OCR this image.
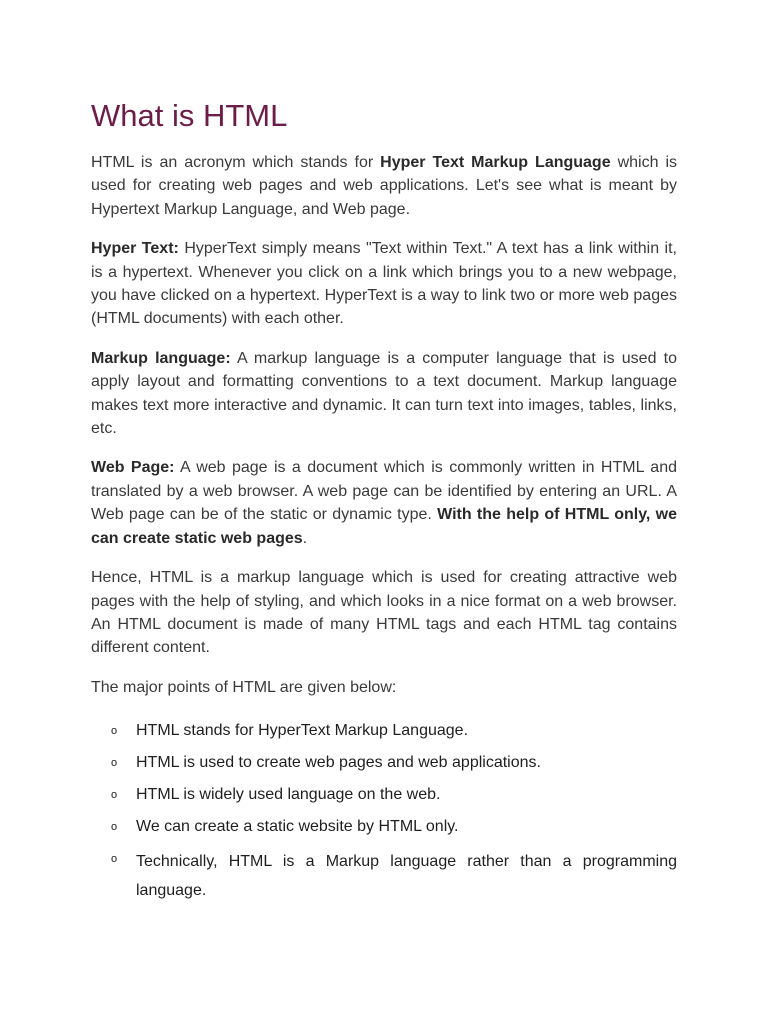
What is HTML

HTML is an acronym which stands for Hyper Text Markup Language which is used for creating web pages and web applications. Let's see what is meant by Hypertext Markup Language, and Web page.

Hyper Text: HyperText simply means "Text within Text." A text has a link within it, is a hypertext. Whenever you click on a link which brings you to a new webpage, you have clicked on a hypertext. HyperText is a way to link two or more web pages (HTML documents) with each other.

Markup language: A markup language is a computer language that is used to apply layout and formatting conventions to a text document. Markup language makes text more interactive and dynamic. It can turn text into images, tables, links, etc.

Web Page: A web page is a document which is commonly written in HTML and translated by a web browser. A web page can be identified by entering an URL. A Web page can be of the static or dynamic type. With the help of HTML only, we can create static web pages.

Hence, HTML is a markup language which is used for creating attractive web pages with the help of styling, and which looks in a nice format on a web browser. An HTML document is made of many HTML tags and each HTML tag contains different content.

The major points of HTML are given below:

o HTML stands for HyperText Markup Language.
o HTML is used to create web pages and web applications.
o HTML is widely used language on the web.
o We can create a static website by HTML only.
o Technically, HTML is a Markup language rather than a programming language.
